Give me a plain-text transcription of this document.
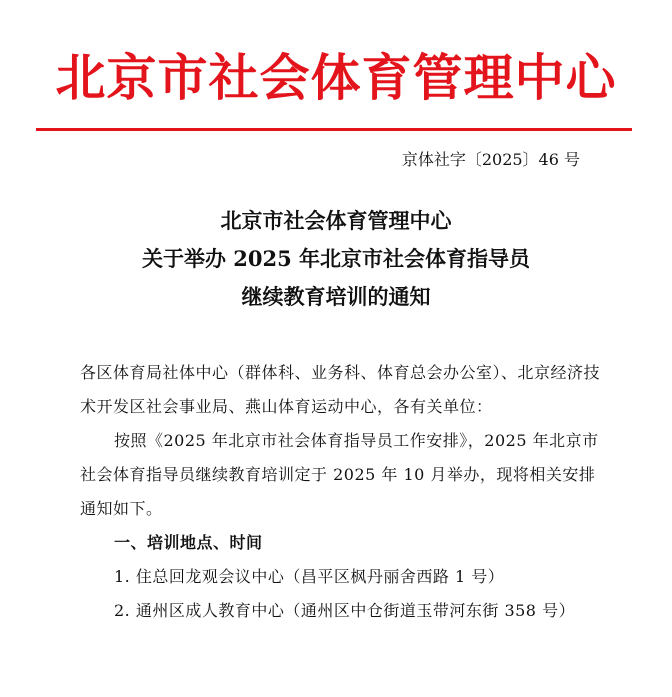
北京市社会体育管理中心
京体社字〔2025〕46 号
北京市社会体育管理中心
关于举办 2025 年北京市社会体育指导员
继续教育培训的通知

各区体育局社体中心（群体科、业务科、体育总会办公室）、北京经济技术开发区社会事业局、燕山体育运动中心，各有关单位：

按照《2025 年北京市社会体育指导员工作安排》，2025 年北京市社会体育指导员继续教育培训定于 2025 年 10 月举办，现将相关安排通知如下。

一、培训地点、时间

1. 住总回龙观会议中心（昌平区枫丹丽舍西路 1 号）

2. 通州区成人教育中心（通州区中仓街道玉带河东街 358 号）
